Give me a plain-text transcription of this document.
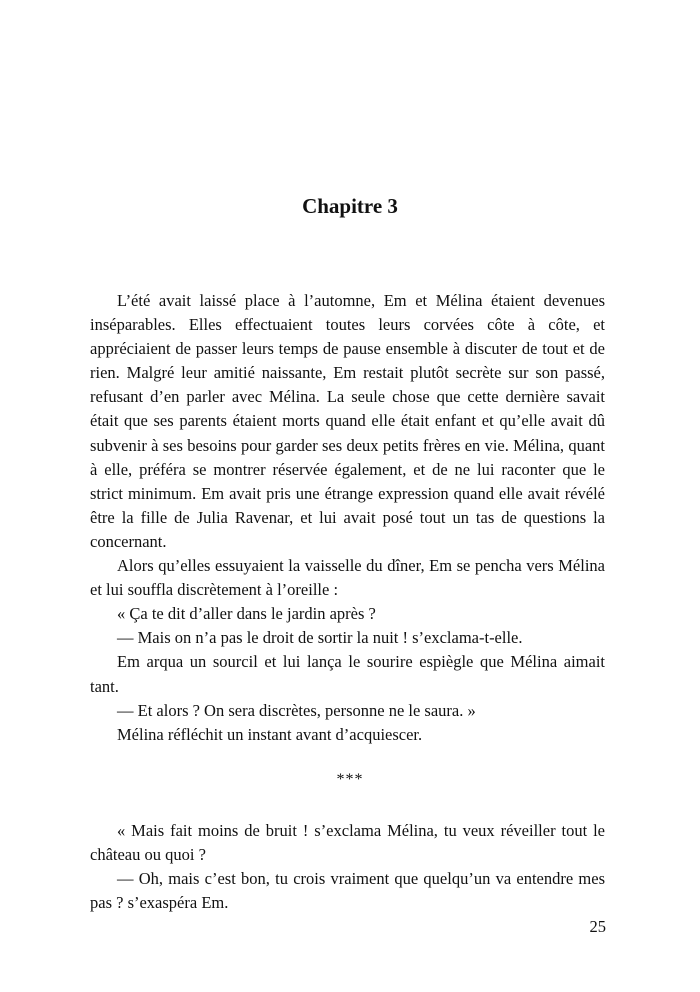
Chapitre 3

L’été avait laissé place à l’automne, Em et Mélina étaient devenues inséparables. Elles effectuaient toutes leurs corvées côte à côte, et appréciaient de passer leurs temps de pause ensemble à discuter de tout et de rien. Malgré leur amitié naissante, Em restait plutôt secrète sur son passé, refusant d’en parler avec Mélina. La seule chose que cette dernière savait était que ses parents étaient morts quand elle était enfant et qu’elle avait dû subvenir à ses besoins pour garder ses deux petits frères en vie. Mélina, quant à elle, préféra se montrer réservée également, et de ne lui raconter que le strict minimum. Em avait pris une étrange expression quand elle avait révélé être la fille de Julia Ravenar, et lui avait posé tout un tas de questions la concernant.

Alors qu’elles essuyaient la vaisselle du dîner, Em se pencha vers Mélina et lui souffla discrètement à l’oreille :

« Ça te dit d’aller dans le jardin après ?

— Mais on n’a pas le droit de sortir la nuit ! s’exclama-t-elle.

Em arqua un sourcil et lui lança le sourire espiègle que Mélina aimait tant.

— Et alors ? On sera discrètes, personne ne le saura. »

Mélina réfléchit un instant avant d’acquiescer.

***

« Mais fait moins de bruit ! s’exclama Mélina, tu veux réveiller tout le château ou quoi ?

— Oh, mais c’est bon, tu crois vraiment que quelqu’un va entendre mes pas ? s’exaspéra Em.

25
